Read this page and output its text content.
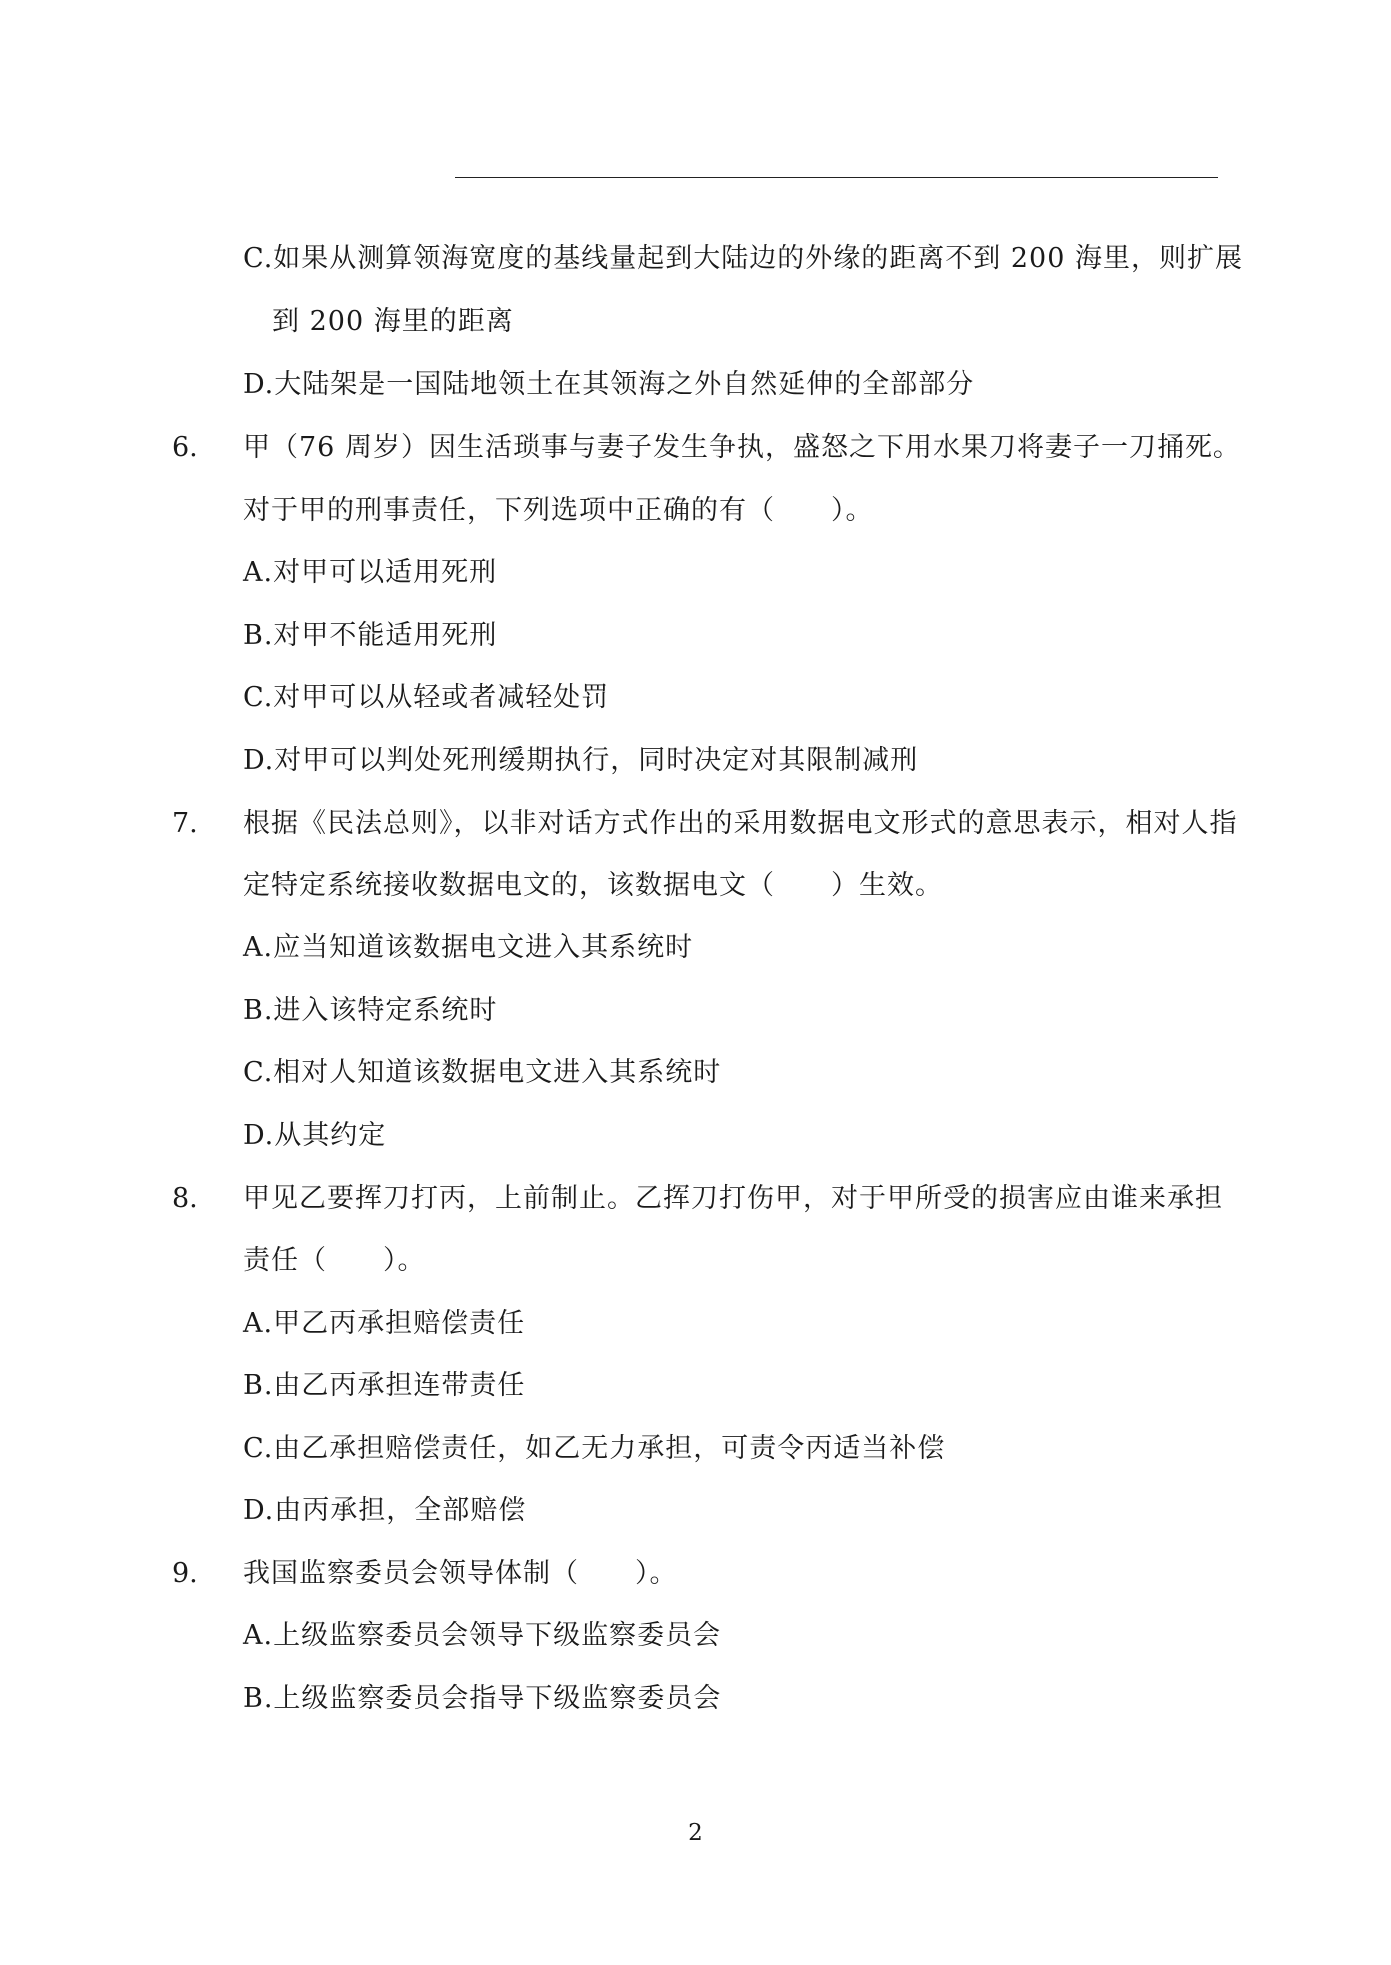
C.如果从测算领海宽度的基线量起到大陆边的外缘的距离不到 200 海里，则扩展
到 200 海里的距离
D.大陆架是一国陆地领土在其领海之外自然延伸的全部部分
6. 甲（76 周岁）因生活琐事与妻子发生争执，盛怒之下用水果刀将妻子一刀捅死。
对于甲的刑事责任，下列选项中正确的有（　　）。
A.对甲可以适用死刑
B.对甲不能适用死刑
C.对甲可以从轻或者减轻处罚
D.对甲可以判处死刑缓期执行，同时决定对其限制减刑
7. 根据《民法总则》，以非对话方式作出的采用数据电文形式的意思表示，相对人指
定特定系统接收数据电文的，该数据电文（　　）生效。
A.应当知道该数据电文进入其系统时
B.进入该特定系统时
C.相对人知道该数据电文进入其系统时
D.从其约定
8. 甲见乙要挥刀打丙，上前制止。乙挥刀打伤甲，对于甲所受的损害应由谁来承担
责任（　　）。
A.甲乙丙承担赔偿责任
B.由乙丙承担连带责任
C.由乙承担赔偿责任，如乙无力承担，可责令丙适当补偿
D.由丙承担，全部赔偿
9. 我国监察委员会领导体制（　　）。
A.上级监察委员会领导下级监察委员会
B.上级监察委员会指导下级监察委员会
2
